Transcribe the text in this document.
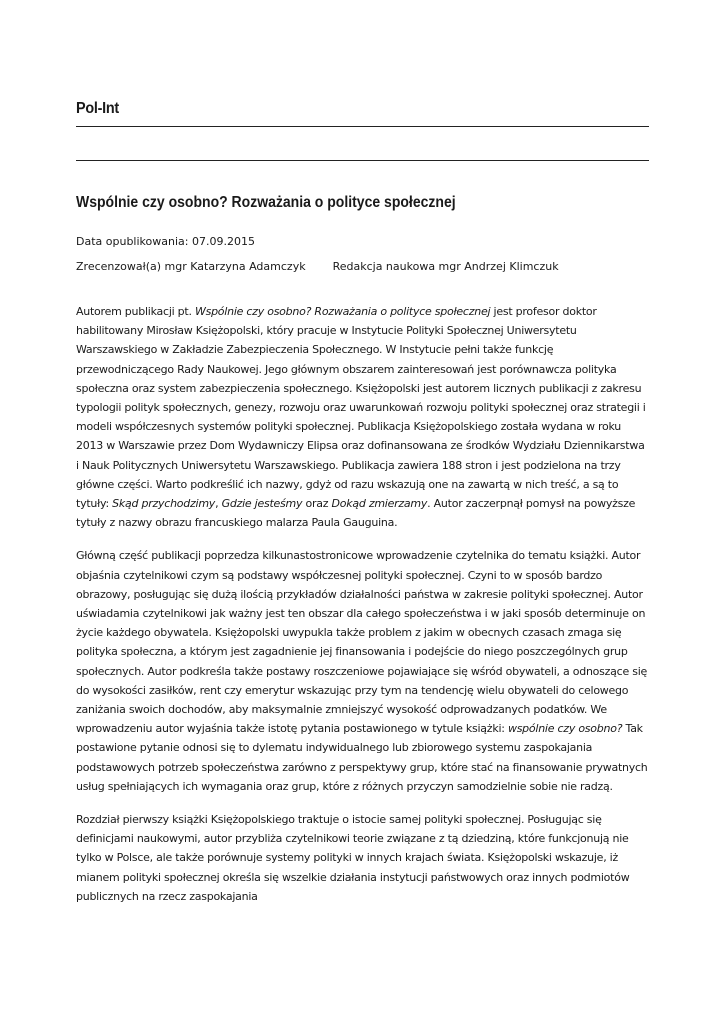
Pol-Int
Wspólnie czy osobno? Rozważania o polityce społecznej
Data opublikowania: 07.09.2015
Zrecenzował(a) mgr Katarzyna Adamczyk Redakcja naukowa mgr Andrzej Klimczuk

Autorem publikacji pt. Wspólnie czy osobno? Rozważania o polityce społecznej jest profesor doktor habilitowany Mirosław Księżopolski, który pracuje w Instytucie Polityki Społecznej Uniwersytetu Warszawskiego w Zakładzie Zabezpieczenia Społecznego. W Instytucie pełni także funkcję przewodniczącego Rady Naukowej. Jego głównym obszarem zainteresowań jest porównawcza polityka społeczna oraz system zabezpieczenia społecznego. Księżopolski jest autorem licznych publikacji z zakresu typologii polityk społecznych, genezy, rozwoju oraz uwarunkowań rozwoju polityki społecznej oraz strategii i modeli współczesnych systemów polityki społecznej. Publikacja Księżopolskiego została wydana w roku 2013 w Warszawie przez Dom Wydawniczy Elipsa oraz dofinansowana ze środków Wydziału Dziennikarstwa i Nauk Politycznych Uniwersytetu Warszawskiego. Publikacja zawiera 188 stron i jest podzielona na trzy główne części. Warto podkreślić ich nazwy, gdyż od razu wskazują one na zawartą w nich treść, a są to tytuły: Skąd przychodzimy, Gdzie jesteśmy oraz Dokąd zmierzamy. Autor zaczerpnął pomysł na powyższe tytuły z nazwy obrazu francuskiego malarza Paula Gauguina.

Główną część publikacji poprzedza kilkunastostronicowe wprowadzenie czytelnika do tematu książki. Autor objaśnia czytelnikowi czym są podstawy współczesnej polityki społecznej. Czyni to w sposób bardzo obrazowy, posługując się dużą ilością przykładów działalności państwa w zakresie polityki społecznej. Autor uświadamia czytelnikowi jak ważny jest ten obszar dla całego społeczeństwa i w jaki sposób determinuje on życie każdego obywatela. Księżopolski uwypukla także problem z jakim w obecnych czasach zmaga się polityka społeczna, a którym jest zagadnienie jej finansowania i podejście do niego poszczególnych grup społecznych. Autor podkreśla także postawy roszczeniowe pojawiające się wśród obywateli, a odnoszące się do wysokości zasiłków, rent czy emerytur wskazując przy tym na tendencję wielu obywateli do celowego zaniżania swoich dochodów, aby maksymalnie zmniejszyć wysokość odprowadzanych podatków. We wprowadzeniu autor wyjaśnia także istotę pytania postawionego w tytule książki: wspólnie czy osobno? Tak postawione pytanie odnosi się to dylematu indywidualnego lub zbiorowego systemu zaspokajania podstawowych potrzeb społeczeństwa zarówno z perspektywy grup, które stać na finansowanie prywatnych usług spełniających ich wymagania oraz grup, które z różnych przyczyn samodzielnie sobie nie radzą.

Rozdział pierwszy książki Księżopolskiego traktuje o istocie samej polityki społecznej. Posługując się definicjami naukowymi, autor przybliża czytelnikowi teorie związane z tą dziedziną, które funkcjonują nie tylko w Polsce, ale także porównuje systemy polityki w innych krajach świata. Księżopolski wskazuje, iż mianem polityki społecznej określa się wszelkie działania instytucji państwowych oraz innych podmiotów publicznych na rzecz zaspokajania
